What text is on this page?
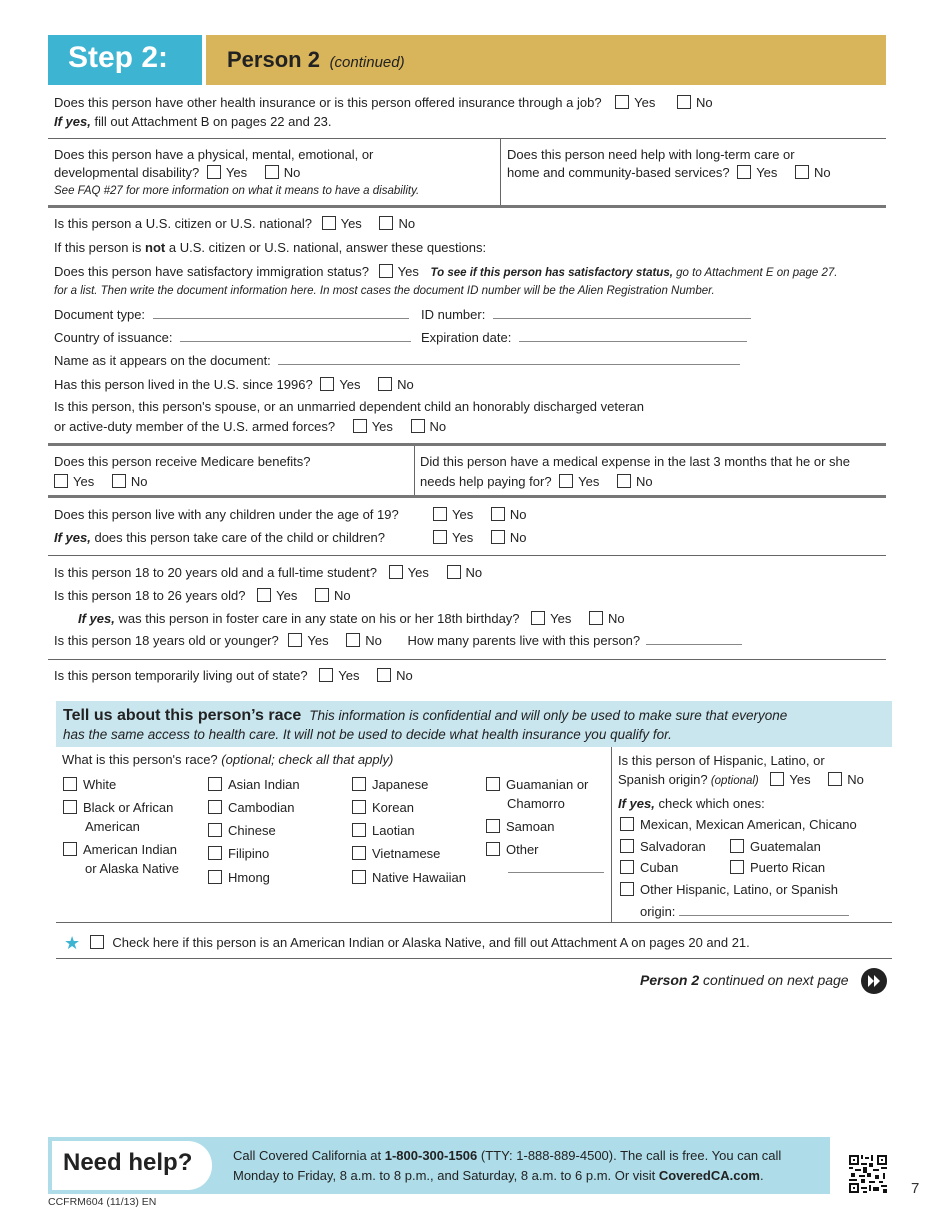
Step 2:	Person 2 (continued)
Does this person have other health insurance or is this person offered insurance through a job?	Yes	No
If yes, fill out Attachment B on pages 22 and 23.
Does this person have a physical, mental, emotional, or
developmental disability? Yes	No
See FAQ #27 for more information on what it means to have a disability.
Does this person need help with long-term care or
home and community-based services? Yes	No
Is this person a U.S. citizen or U.S. national? Yes	No
If this person is not a U.S. citizen or U.S. national, answer these questions:
Does this person have satisfactory immigration status? Yes To see if this person has satisfactory status, go to Attachment E on page 27.
for a list. Then write the document information here. In most cases the document ID number will be the Alien Registration Number.
Document type:	ID number:
Country of issuance:	Expiration date:
Name as it appears on the document:
Has this person lived in the U.S. since 1996? Yes	No
Is this person, this person's spouse, or an unmarried dependent child an honorably discharged veteran
or active-duty member of the U.S. armed forces?	Yes	No
Does this person receive Medicare benefits?
Yes	No
Did this person have a medical expense in the last 3 months that he or she
needs help paying for? Yes	No
Does this person live with any children under the age of 19?	Yes	No
If yes, does this person take care of the child or children?	Yes	No
Is this person 18 to 20 years old and a full-time student? Yes	No
Is this person 18 to 26 years old? Yes	No
If yes, was this person in foster care in any state on his or her 18th birthday? Yes	No
Is this person 18 years old or younger? Yes	No How many parents live with this person?
Is this person temporarily living out of state? Yes	No
Tell us about this person’s race This information is confidential and will only be used to make sure that everyone
has the same access to health care. It will not be used to decide what health insurance you qualify for.
What is this person's race? (optional; check all that apply)
White
Black or African
American
American Indian
or Alaska Native
Asian Indian
Cambodian
Chinese
Filipino
Hmong
Japanese
Korean
Laotian
Vietnamese
Native Hawaiian
Guamanian or
Chamorro
Samoan
Other
Is this person of Hispanic, Latino, or
Spanish origin? (optional) Yes	No
If yes, check which ones:
Mexican, Mexican American, Chicano
Salvadoran	Guatemalan
Cuban	Puerto Rican
Other Hispanic, Latino, or Spanish
origin:
★ Check here if this person is an American Indian or Alaska Native, and fill out Attachment A on pages 20 and 21.
Person 2 continued on next page
Need help?	Call Covered California at 1-800-300-1506 (TTY: 1-888-889-4500). The call is free. You can call
Monday to Friday, 8 a.m. to 8 p.m., and Saturday, 8 a.m. to 6 p.m. Or visit CoveredCA.com.
7
CCFRM604 (11/13) EN
